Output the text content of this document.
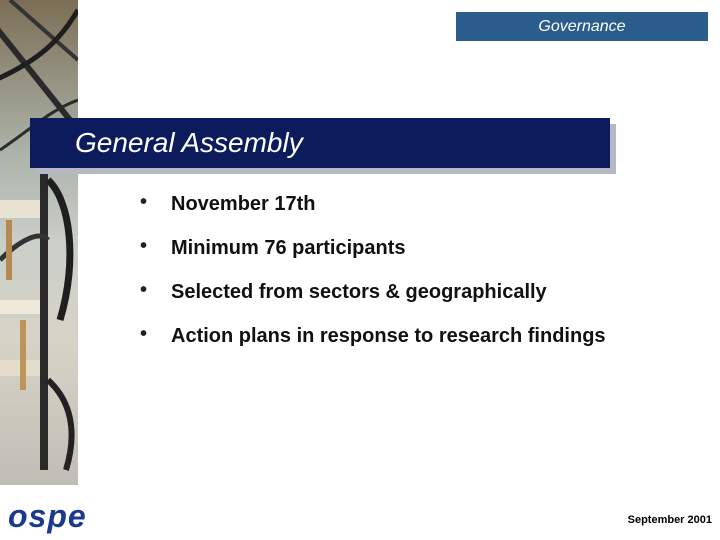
Governance
General Assembly
• November 17th
• Minimum 76 participants
• Selected from sectors & geographically
• Action plans in response to research findings
ospe	September 2001
